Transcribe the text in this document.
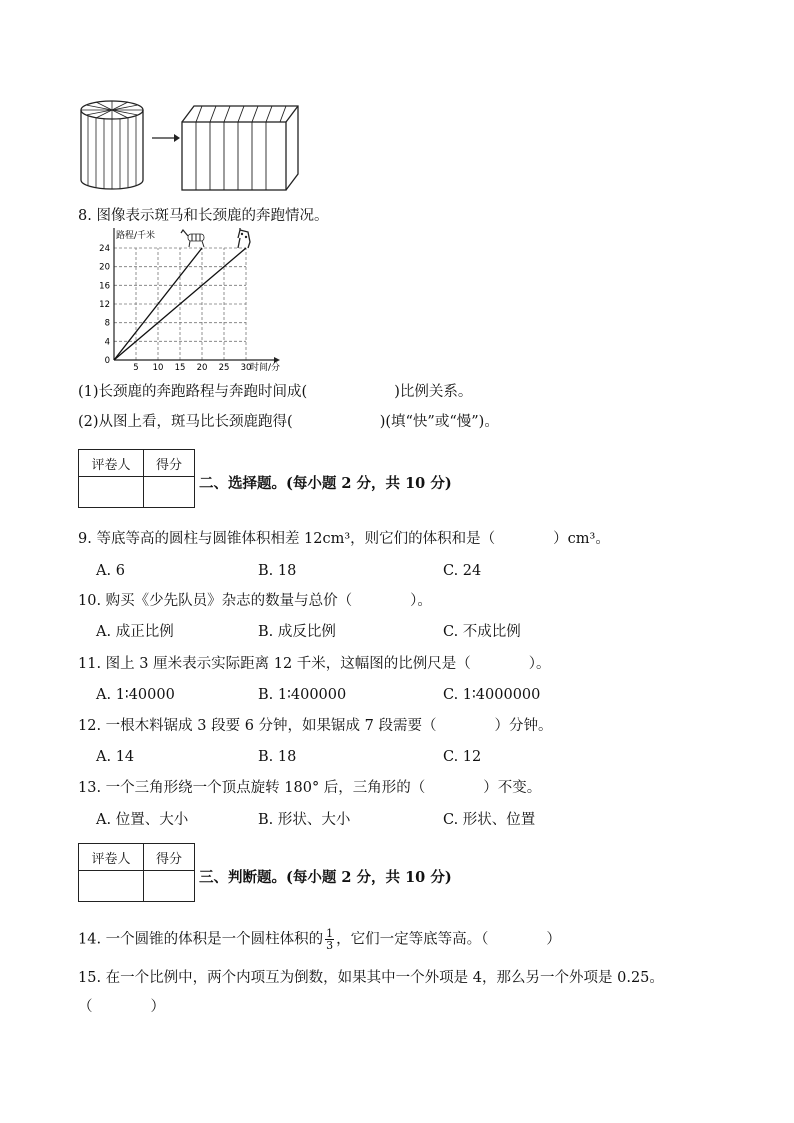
8. 图像表示斑马和长颈鹿的奔跑情况。
0
4
8
12
16
20
24
5 10 15 20 25 30
路程/千米
时间/分
(1)长颈鹿的奔跑路程与奔跑时间成(　　　　　　)比例关系。
(2)从图上看，斑马比长颈鹿跑得(　　　　　　)(填“快”或“慢”)。
评卷人	得分

二、选择题。(每小题 2 分，共 10 分)
9. 等底等高的圆柱与圆锥体积相差 12cm³，则它们的体积和是（　　　　）cm³。
A. 6	B. 18	C. 24
10. 购买《少先队员》杂志的数量与总价（　　　　）。
A. 成正比例	B. 成反比例	C. 不成比例
11. 图上 3 厘米表示实际距离 12 千米，这幅图的比例尺是（　　　　）。
A. 1∶40000	B. 1∶400000	C. 1∶4000000
12. 一根木料锯成 3 段要 6 分钟，如果锯成 7 段需要（　　　　）分钟。
A. 14	B. 18	C. 12
13. 一个三角形绕一个顶点旋转 180° 后，三角形的（　　　　）不变。
A. 位置、大小	B. 形状、大小	C. 形状、位置
评卷人	得分

三、判断题。(每小题 2 分，共 10 分)
14. 一个圆锥的体积是一个圆柱体积的 $\frac{1}{3}$ ，它们一定等底等高。（　　　　）
15. 在一个比例中，两个内项互为倒数，如果其中一个外项是 4，那么另一个外项是 0.25。
（　　　　）
